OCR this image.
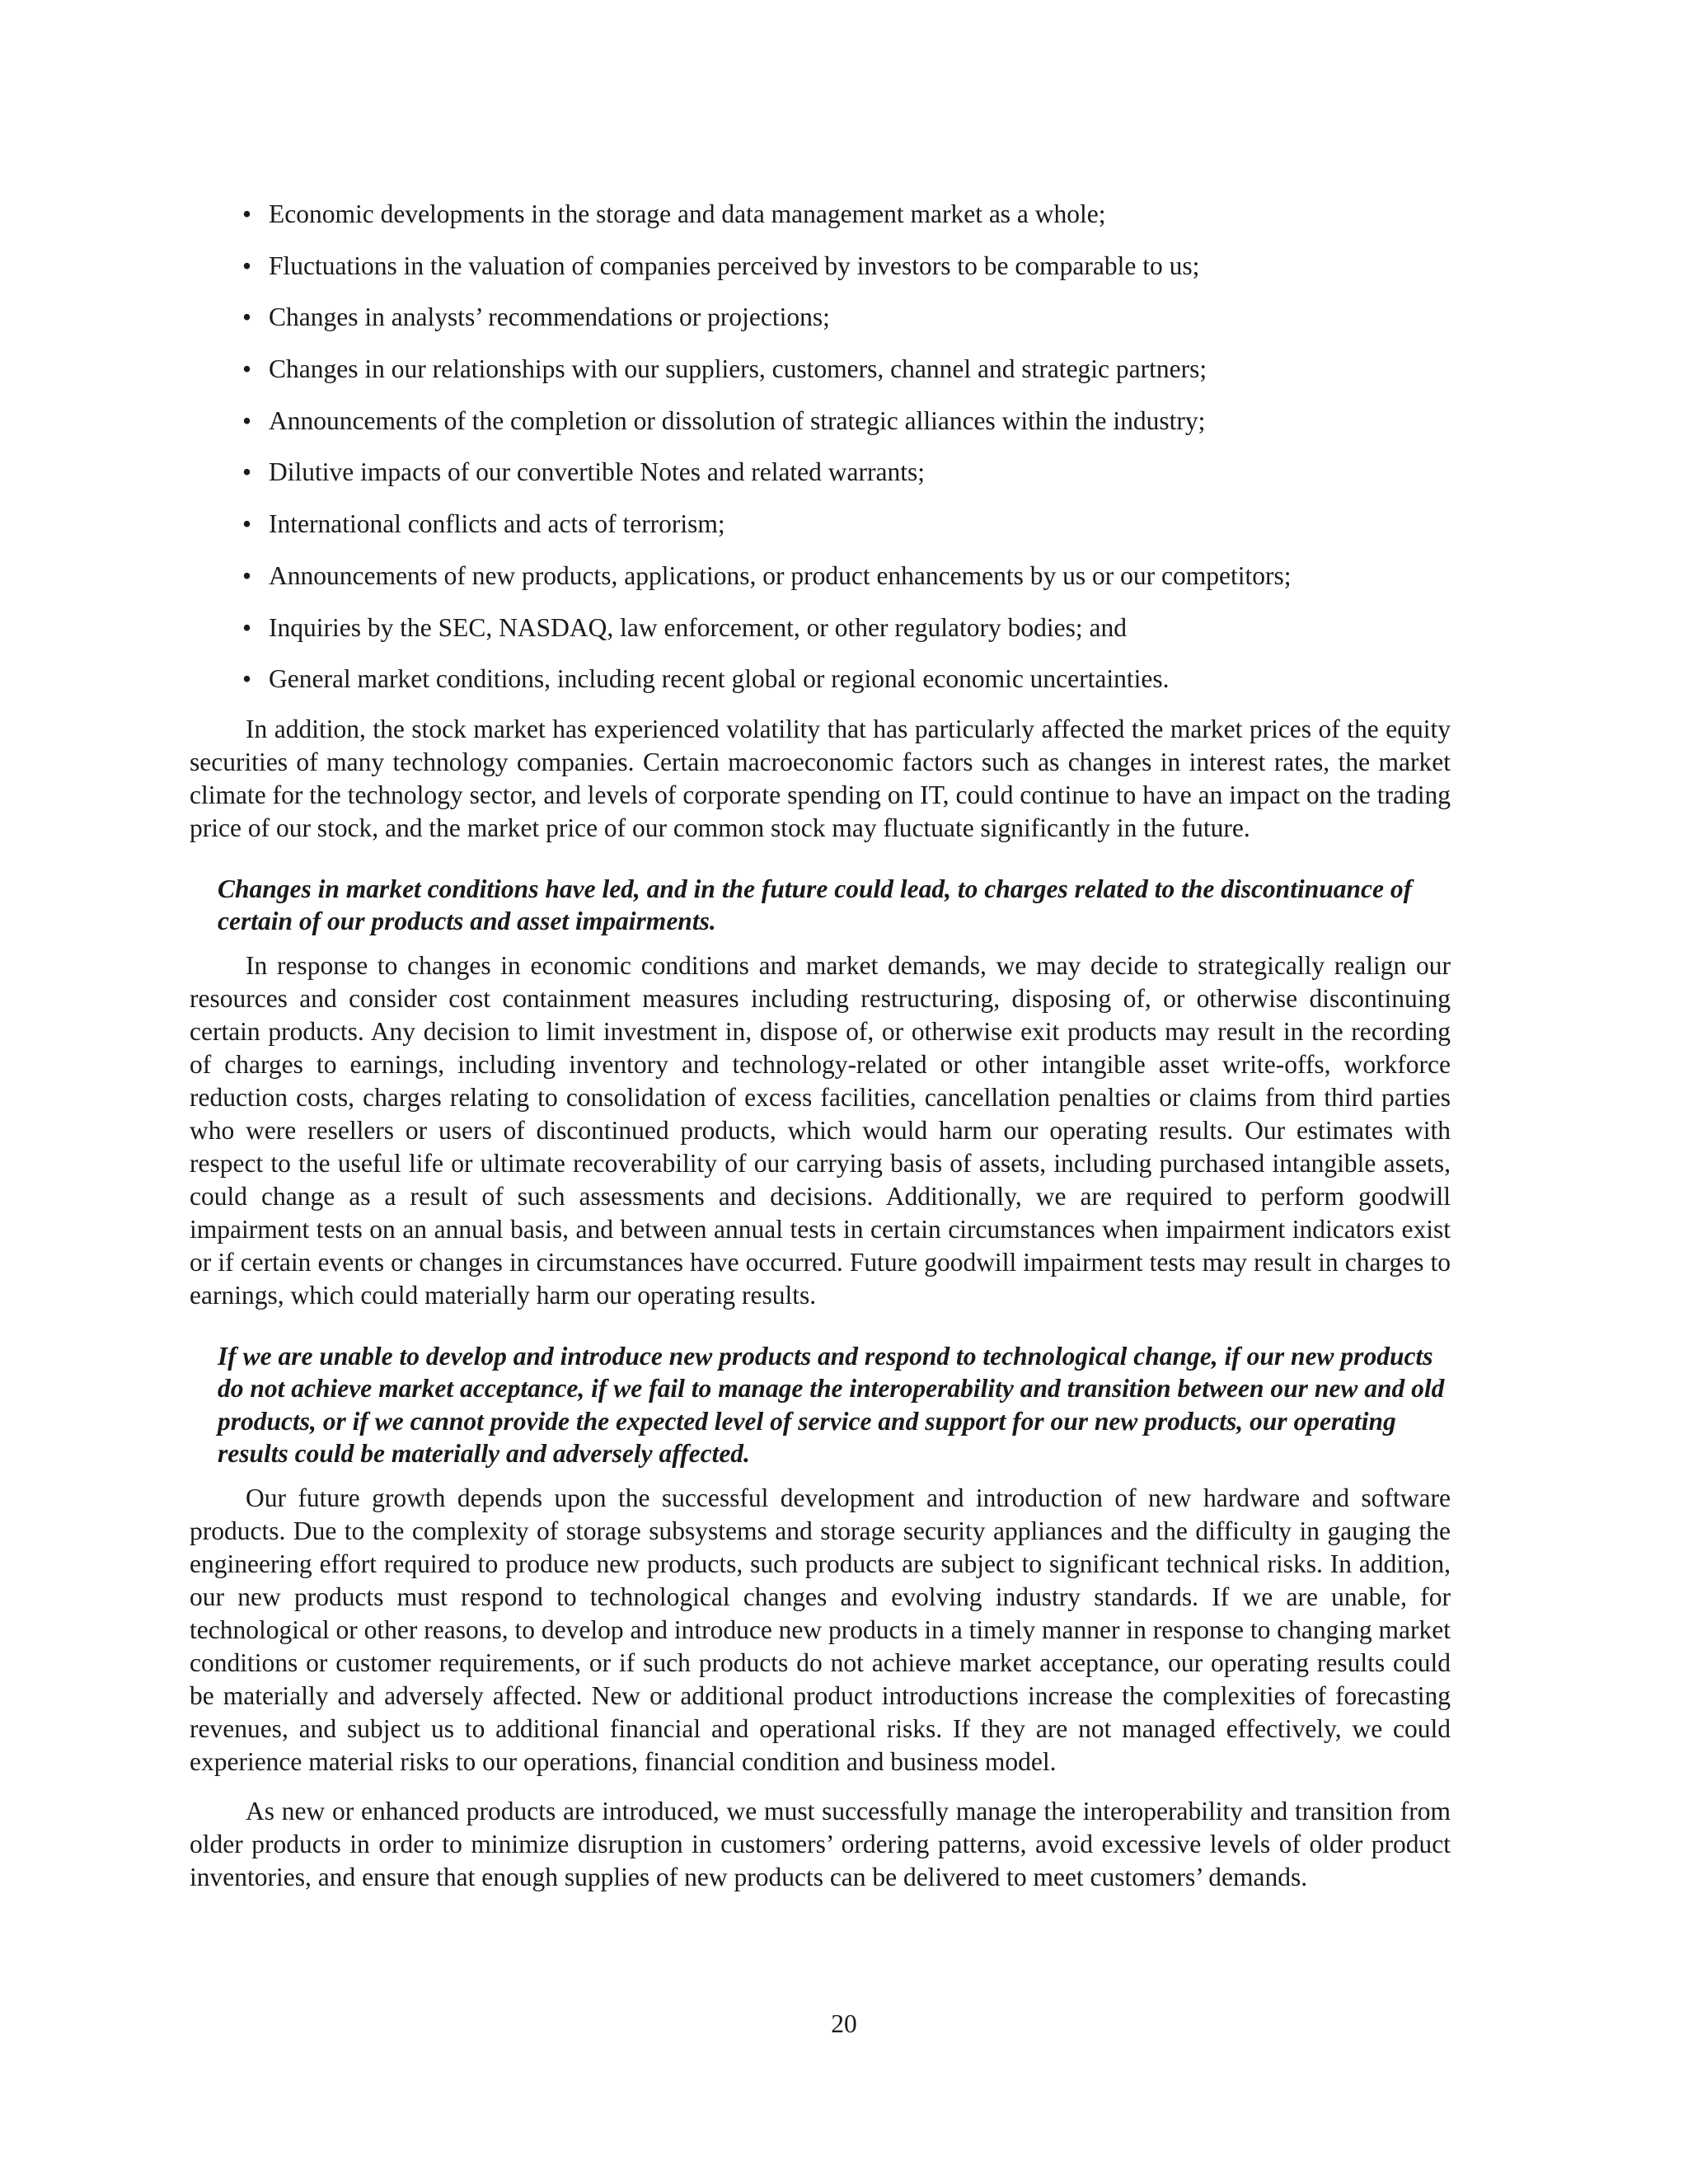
• Economic developments in the storage and data management market as a whole;
• Fluctuations in the valuation of companies perceived by investors to be comparable to us;
• Changes in analysts’ recommendations or projections;
• Changes in our relationships with our suppliers, customers, channel and strategic partners;
• Announcements of the completion or dissolution of strategic alliances within the industry;
• Dilutive impacts of our convertible Notes and related warrants;
• International conflicts and acts of terrorism;
• Announcements of new products, applications, or product enhancements by us or our competitors;
• Inquiries by the SEC, NASDAQ, law enforcement, or other regulatory bodies; and
• General market conditions, including recent global or regional economic uncertainties.

In addition, the stock market has experienced volatility that has particularly affected the market prices of the equity securities of many technology companies. Certain macroeconomic factors such as changes in interest rates, the market climate for the technology sector, and levels of corporate spending on IT, could continue to have an impact on the trading price of our stock, and the market price of our common stock may fluctuate significantly in the future.

Changes in market conditions have led, and in the future could lead, to charges related to the discontinuance of certain of our products and asset impairments.

In response to changes in economic conditions and market demands, we may decide to strategically realign our resources and consider cost containment measures including restructuring, disposing of, or otherwise discontinuing certain products. Any decision to limit investment in, dispose of, or otherwise exit products may result in the recording of charges to earnings, including inventory and technology-related or other intangible asset write-offs, workforce reduction costs, charges relating to consolidation of excess facilities, cancellation penalties or claims from third parties who were resellers or users of discontinued products, which would harm our operating results. Our estimates with respect to the useful life or ultimate recoverability of our carrying basis of assets, including purchased intangible assets, could change as a result of such assessments and decisions. Additionally, we are required to perform goodwill impairment tests on an annual basis, and between annual tests in certain circumstances when impairment indicators exist or if certain events or changes in circumstances have occurred. Future goodwill impairment tests may result in charges to earnings, which could materially harm our operating results.

If we are unable to develop and introduce new products and respond to technological change, if our new products do not achieve market acceptance, if we fail to manage the interoperability and transition between our new and old products, or if we cannot provide the expected level of service and support for our new products, our operating results could be materially and adversely affected.

Our future growth depends upon the successful development and introduction of new hardware and software products. Due to the complexity of storage subsystems and storage security appliances and the difficulty in gauging the engineering effort required to produce new products, such products are subject to significant technical risks. In addition, our new products must respond to technological changes and evolving industry standards. If we are unable, for technological or other reasons, to develop and introduce new products in a timely manner in response to changing market conditions or customer requirements, or if such products do not achieve market acceptance, our operating results could be materially and adversely affected. New or additional product introductions increase the complexities of forecasting revenues, and subject us to additional financial and operational risks. If they are not managed effectively, we could experience material risks to our operations, financial condition and business model.

As new or enhanced products are introduced, we must successfully manage the interoperability and transition from older products in order to minimize disruption in customers’ ordering patterns, avoid excessive levels of older product inventories, and ensure that enough supplies of new products can be delivered to meet customers’ demands.

20
